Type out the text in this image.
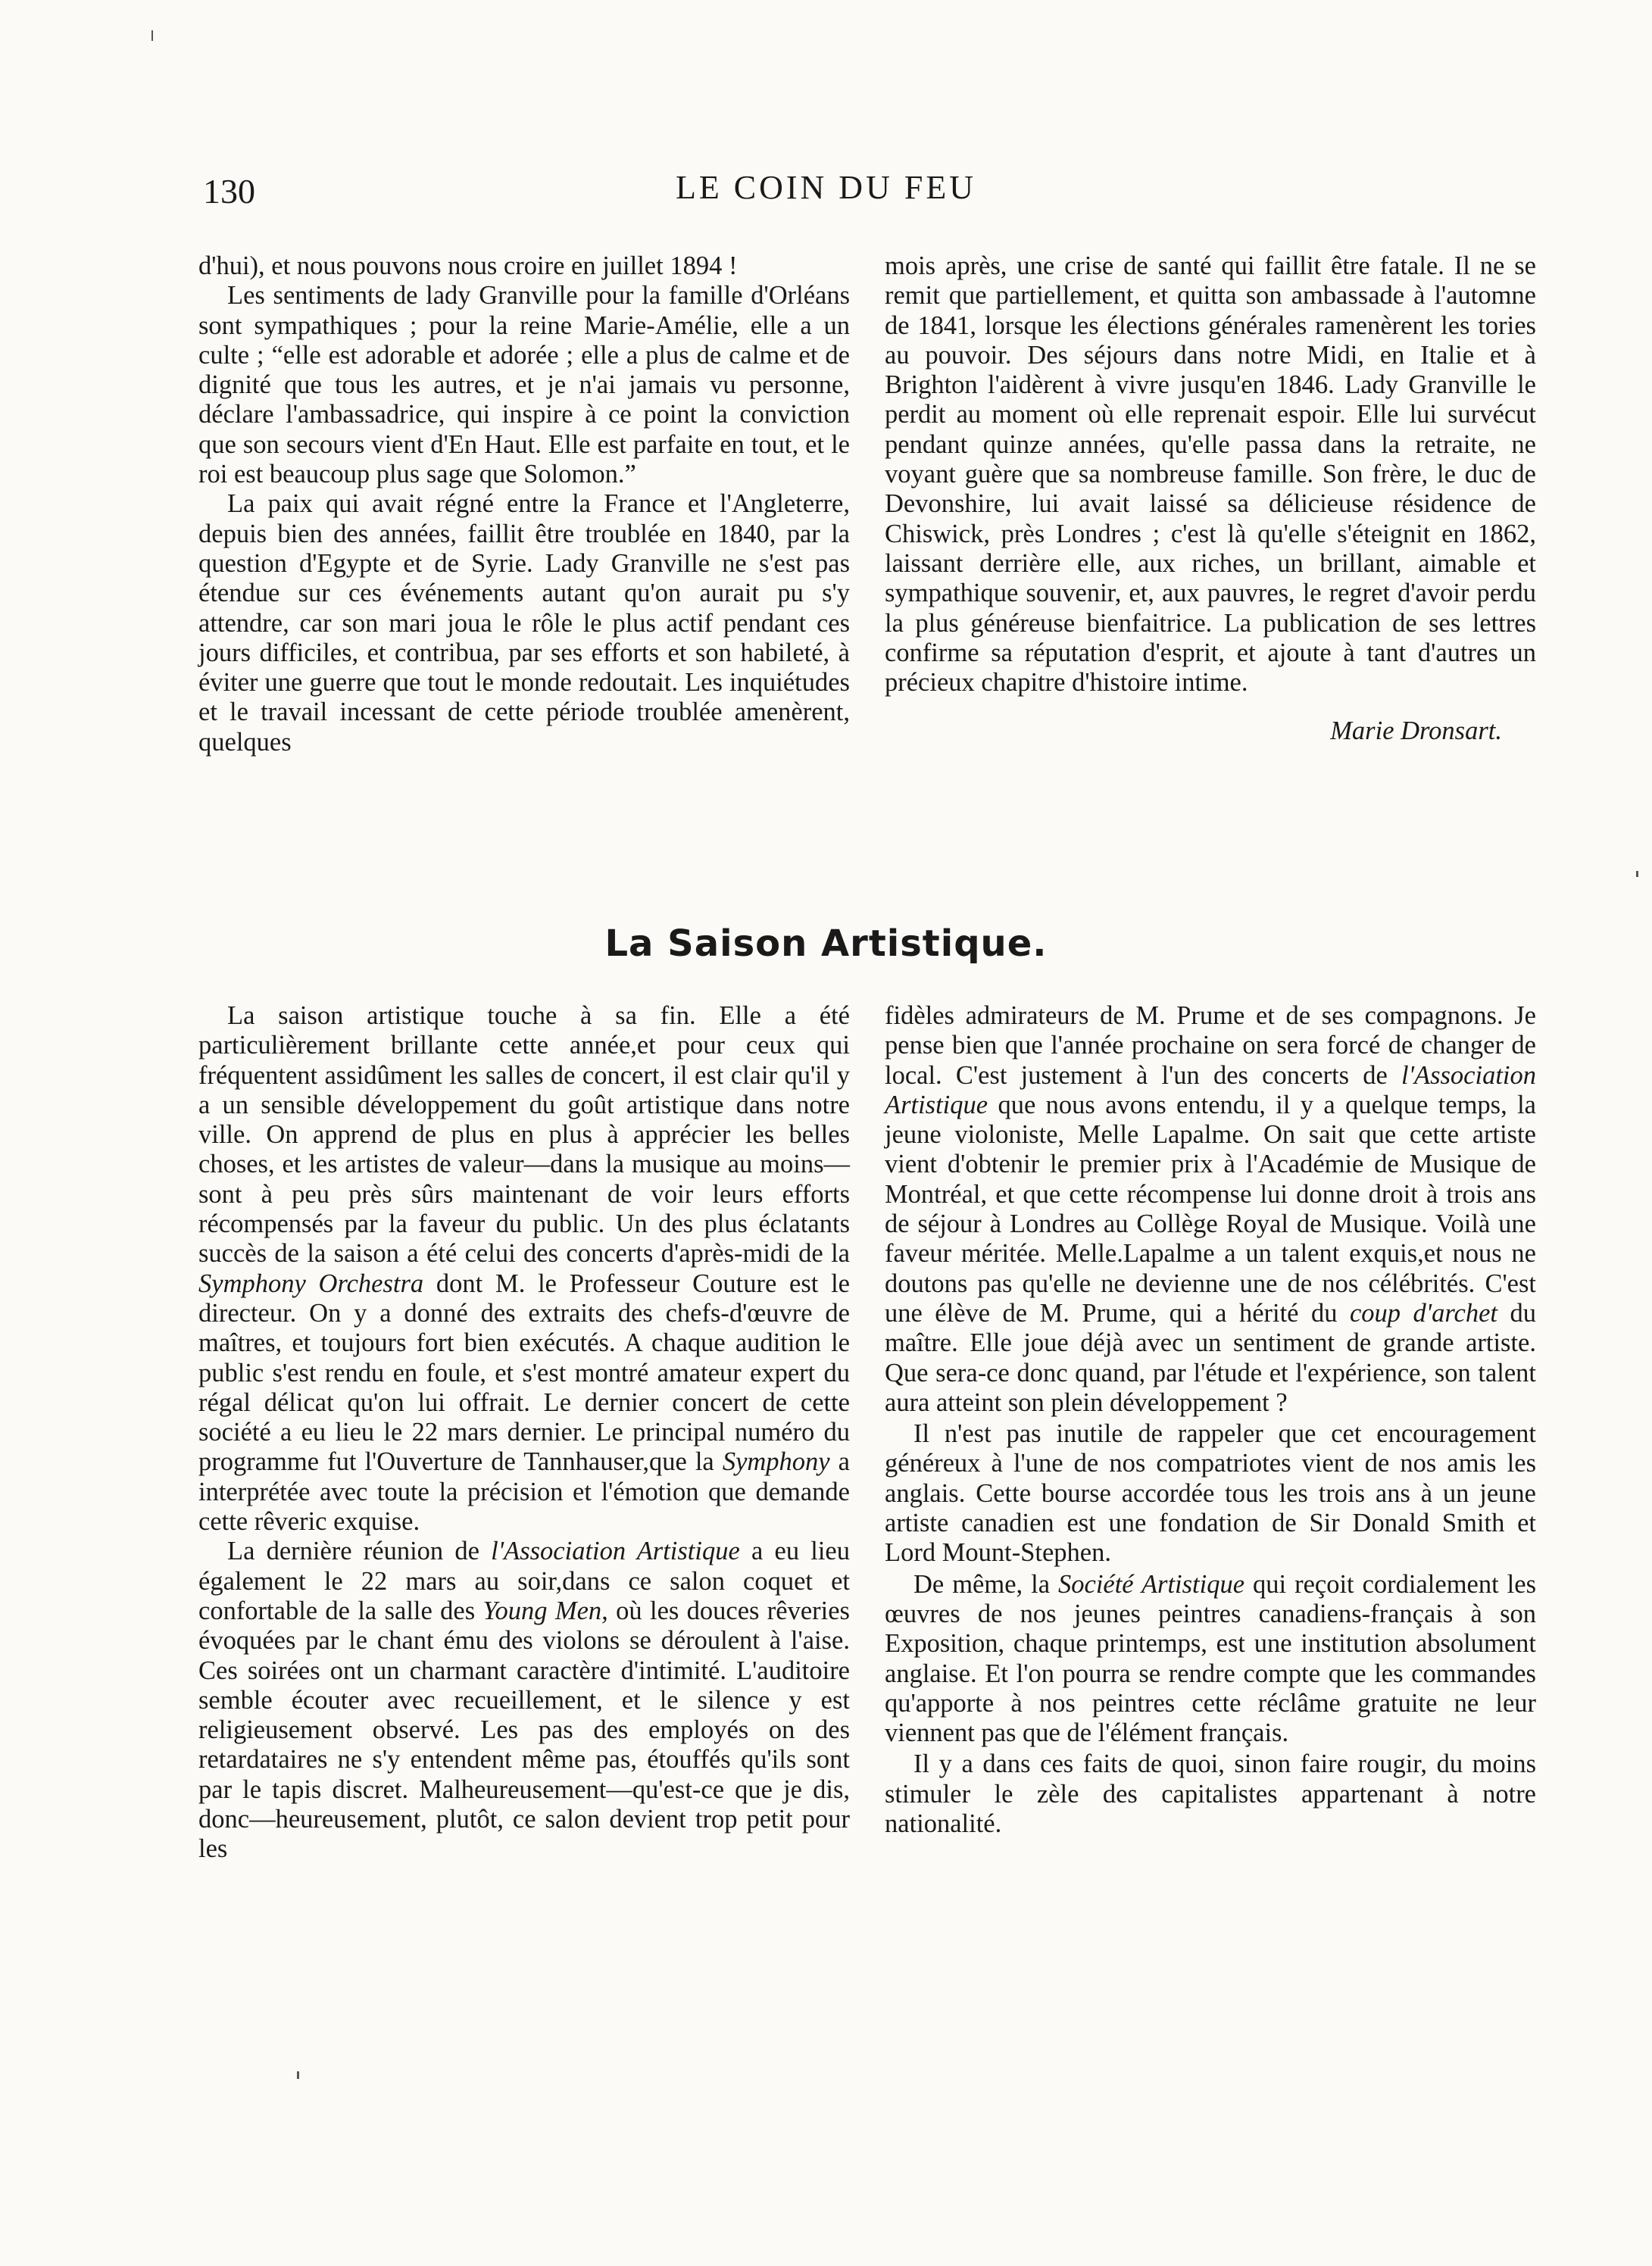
130	LE COIN DU FEU

d'hui), et nous pouvons nous croire en juillet 1894 !

Les sentiments de lady Granville pour la famille d'Orléans sont sympathiques ; pour la reine Marie-Amélie, elle a un culte ; “elle est adorable et adorée ; elle a plus de calme et de dignité que tous les autres, et je n'ai jamais vu personne, déclare l'ambassadrice, qui inspire à ce point la conviction que son secours vient d'En Haut. Elle est parfaite en tout, et le roi est beaucoup plus sage que Solomon.”

La paix qui avait régné entre la France et l'Angleterre, depuis bien des années, faillit être troublée en 1840, par la question d'Egypte et de Syrie. Lady Granville ne s'est pas étendue sur ces événements autant qu'on aurait pu s'y attendre, car son mari joua le rôle le plus actif pendant ces jours difficiles, et contribua, par ses efforts et son habileté, à éviter une guerre que tout le monde redoutait. Les inquiétudes et le travail incessant de cette période troublée amenèrent, quelques

mois après, une crise de santé qui faillit être fatale. Il ne se remit que partiellement, et quitta son ambassade à l'automne de 1841, lorsque les élections générales ramenèrent les tories au pouvoir. Des séjours dans notre Midi, en Italie et à Brighton l'aidèrent à vivre jusqu'en 1846. Lady Granville le perdit au moment où elle reprenait espoir. Elle lui survécut pendant quinze années, qu'elle passa dans la retraite, ne voyant guère que sa nombreuse famille. Son frère, le duc de Devonshire, lui avait laissé sa délicieuse résidence de Chiswick, près Londres ; c'est là qu'elle s'éteignit en 1862, laissant derrière elle, aux riches, un brillant, aimable et sympathique souvenir, et, aux pauvres, le regret d'avoir perdu la plus généreuse bienfaitrice. La publication de ses lettres confirme sa réputation d'esprit, et ajoute à tant d'autres un précieux chapitre d'histoire intime.

Marie Dronsart.
La Saison Artistique.

La saison artistique touche à sa fin. Elle a été particulièrement brillante cette année,et pour ceux qui fréquentent assidûment les salles de concert, il est clair qu'il y a un sensible développement du goût artistique dans notre ville. On apprend de plus en plus à apprécier les belles choses, et les artistes de valeur—dans la musique au moins—sont à peu près sûrs maintenant de voir leurs efforts récompensés par la faveur du public. Un des plus éclatants succès de la saison a été celui des concerts d'après-midi de la Symphony Orchestra dont M. le Professeur Couture est le directeur. On y a donné des extraits des chefs-d'œuvre de maîtres, et toujours fort bien exécutés. A chaque audition le public s'est rendu en foule, et s'est montré amateur expert du régal délicat qu'on lui offrait. Le dernier concert de cette société a eu lieu le 22 mars dernier. Le principal numéro du programme fut l'Ouverture de Tannhauser,que la Symphony a interprétée avec toute la précision et l'émotion que demande cette rêveric exquise.

La dernière réunion de l'Association Artistique a eu lieu également le 22 mars au soir,dans ce salon coquet et confortable de la salle des Young Men, où les douces rêveries évoquées par le chant ému des violons se déroulent à l'aise. Ces soirées ont un charmant caractère d'intimité. L'auditoire semble écouter avec recueillement, et le silence y est religieusement observé. Les pas des employés on des retardataires ne s'y entendent même pas, étouffés qu'ils sont par le tapis discret. Malheureusement—qu'est-ce que je dis, donc—heureusement, plutôt, ce salon devient trop petit pour les

fidèles admirateurs de M. Prume et de ses compagnons. Je pense bien que l'année prochaine on sera forcé de changer de local. C'est justement à l'un des concerts de l'Association Artistique que nous avons entendu, il y a quelque temps, la jeune violoniste, Melle Lapalme. On sait que cette artiste vient d'obtenir le premier prix à l'Académie de Musique de Montréal, et que cette récompense lui donne droit à trois ans de séjour à Londres au Collège Royal de Musique. Voilà une faveur méritée. Melle.Lapalme a un talent exquis,et nous ne doutons pas qu'elle ne devienne une de nos célébrités. C'est une élève de M. Prume, qui a hérité du coup d'archet du maître. Elle joue déjà avec un sentiment de grande artiste. Que sera-ce donc quand, par l'étude et l'expérience, son talent aura atteint son plein développement ?

Il n'est pas inutile de rappeler que cet encouragement généreux à l'une de nos compatriotes vient de nos amis les anglais. Cette bourse accordée tous les trois ans à un jeune artiste canadien est une fondation de Sir Donald Smith et Lord Mount-Stephen.

De même, la Société Artistique qui reçoit cordialement les œuvres de nos jeunes peintres canadiens-français à son Exposition, chaque printemps, est une institution absolument anglaise. Et l'on pourra se rendre compte que les commandes qu'apporte à nos peintres cette réclâme gratuite ne leur viennent pas que de l'élément français.

Il y a dans ces faits de quoi, sinon faire rougir, du moins stimuler le zèle des capitalistes appartenant à notre nationalité.
